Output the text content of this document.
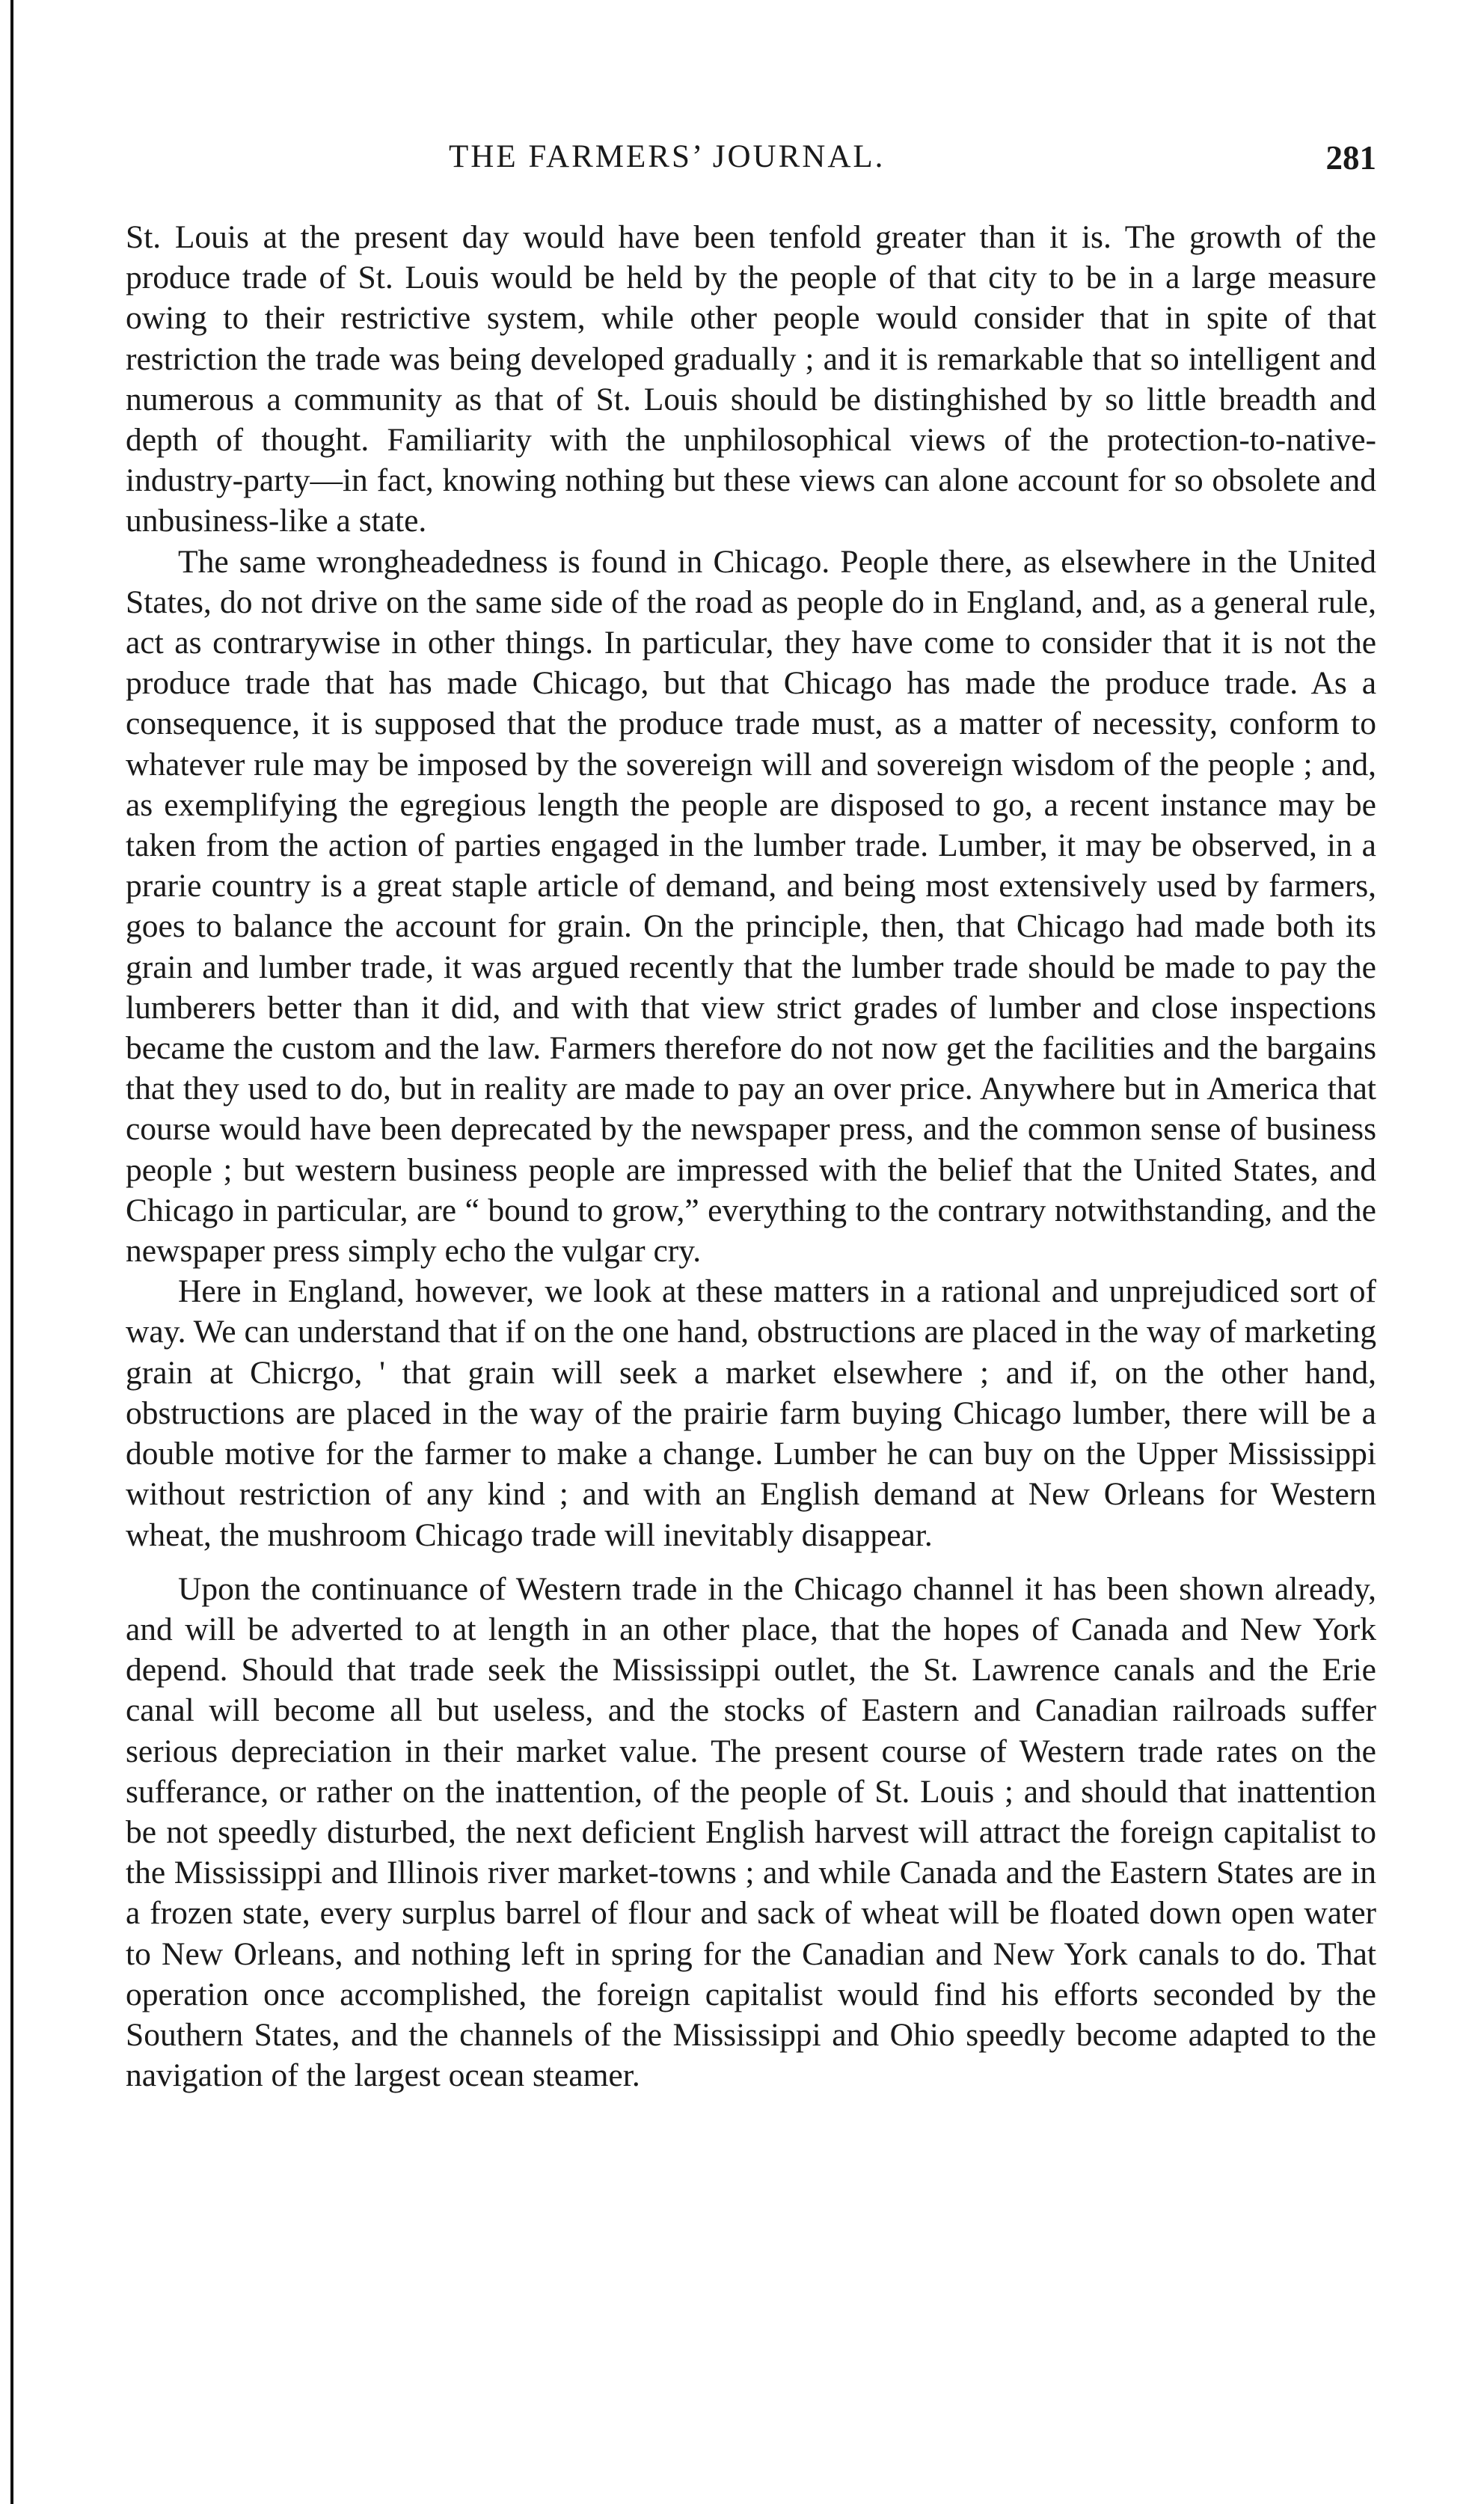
THE FARMERS’ JOURNAL.	281

St. Louis at the present day would have been tenfold greater than it is. The growth of the produce trade of St. Louis would be held by the people of that city to be in a large measure owing to their restrictive system, while other people would consider that in spite of that restriction the trade was being developed gradually ; and it is remarkable that so intelligent and numerous a community as that of St. Louis should be distinghished by so little breadth and depth of thought. Familiarity with the unphilosophical views of the protection-to-native-industry-party—in fact, knowing nothing but these views can alone account for so obsolete and unbusiness-like a state.

The same wrongheadedness is found in Chicago. People there, as elsewhere in the United States, do not drive on the same side of the road as people do in England, and, as a general rule, act as contrarywise in other things. In particular, they have come to consider that it is not the produce trade that has made Chicago, but that Chicago has made the produce trade. As a consequence, it is supposed that the produce trade must, as a matter of necessity, conform to whatever rule may be imposed by the sovereign will and sovereign wisdom of the people ; and, as exemplifying the egregious length the people are disposed to go, a recent instance may be taken from the action of parties engaged in the lumber trade. Lumber, it may be observed, in a prarie country is a great staple article of demand, and being most extensively used by farmers, goes to balance the account for grain. On the principle, then, that Chicago had made both its grain and lumber trade, it was argued recently that the lumber trade should be made to pay the lumberers better than it did, and with that view strict grades of lumber and close inspections became the custom and the law. Farmers therefore do not now get the facilities and the bargains that they used to do, but in reality are made to pay an over price. Anywhere but in America that course would have been deprecated by the newspaper press, and the common sense of business people ; but western business people are impressed with the belief that the United States, and Chicago in particular, are “ bound to grow,” everything to the contrary notwithstanding, and the newspaper press simply echo the vulgar cry.

Here in England, however, we look at these matters in a rational and unprejudiced sort of way. We can understand that if on the one hand, obstructions are placed in the way of marketing grain at Chicrgo, ' that grain will seek a market elsewhere ; and if, on the other hand, obstructions are placed in the way of the prairie farm buying Chicago lumber, there will be a double motive for the farmer to make a change. Lumber he can buy on the Upper Mississippi without restriction of any kind ; and with an English demand at New Orleans for Western wheat, the mushroom Chicago trade will inevitably disappear.

Upon the continuance of Western trade in the Chicago channel it has been shown already, and will be adverted to at length in an other place, that the hopes of Canada and New York depend. Should that trade seek the Mississippi outlet, the St. Lawrence canals and the Erie canal will become all but useless, and the stocks of Eastern and Canadian railroads suffer serious depreciation in their market value. The present course of Western trade rates on the sufferance, or rather on the inattention, of the people of St. Louis ; and should that inattention be not speedly disturbed, the next deficient English harvest will attract the foreign capitalist to the Mississippi and Illinois river market-towns ; and while Canada and the Eastern States are in a frozen state, every surplus barrel of flour and sack of wheat will be floated down open water to New Orleans, and nothing left in spring for the Canadian and New York canals to do. That operation once accomplished, the foreign capitalist would find his efforts seconded by the Southern States, and the channels of the Mississippi and Ohio speedly become adapted to the navigation of the largest ocean steamer.
